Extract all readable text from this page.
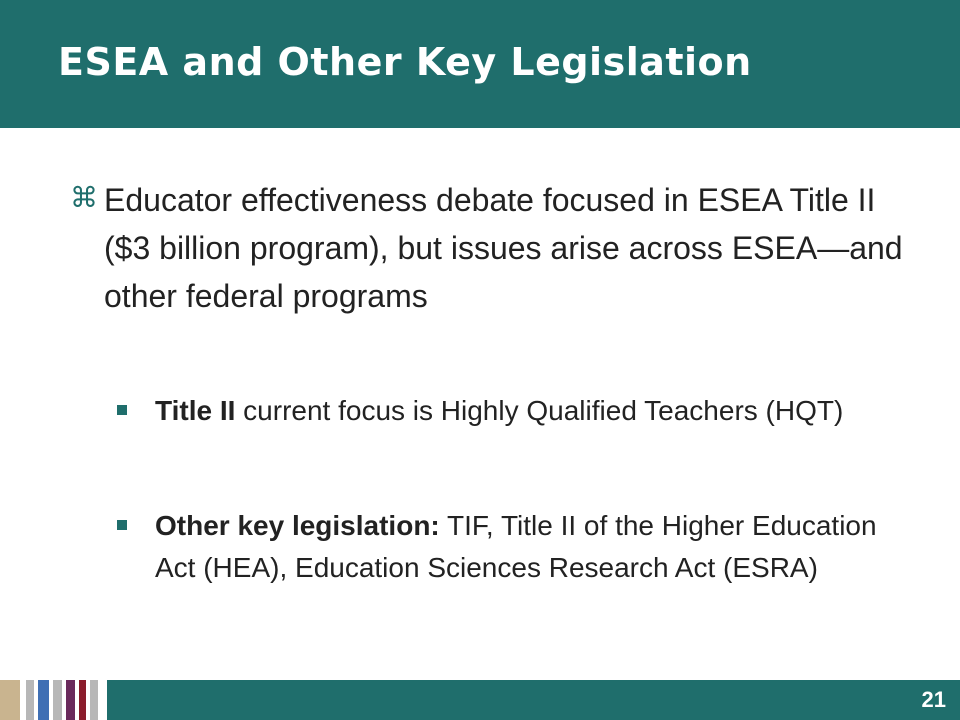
ESEA and Other Key Legislation
⌘ Educator effectiveness debate focused in ESEA Title II ($3 billion program), but issues arise across ESEA—and other federal programs

Title II current focus is Highly Qualified Teachers (HQT)

Other key legislation: TIF, Title II of the Higher Education Act (HEA), Education Sciences Research Act (ESRA)

21
